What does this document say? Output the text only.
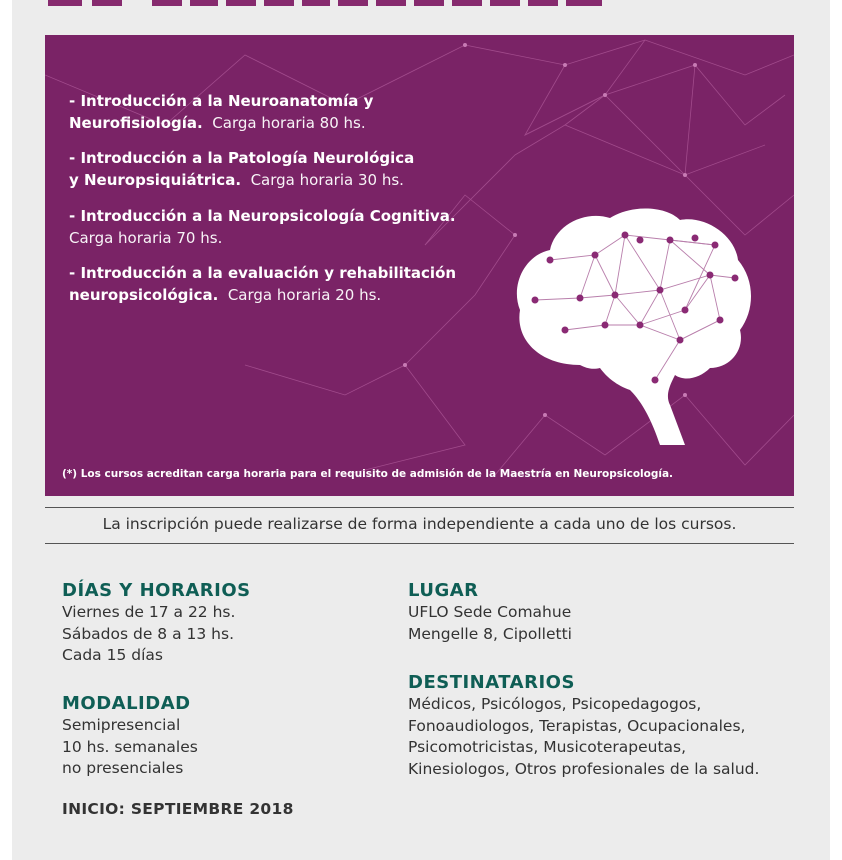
- Introducción a la Neuroanatomía y
Neurofisiología. Carga horaria 80 hs.
- Introducción a la Patología Neurológica
y Neuropsiquiátrica. Carga horaria 30 hs.
- Introducción a la Neuropsicología Cognitiva.
Carga horaria 70 hs.
- Introducción a la evaluación y rehabilitación
neuropsicológica. Carga horaria 20 hs.
(*) Los cursos acreditan carga horaria para el requisito de admisión de la Maestría en Neuropsicología.
La inscripción puede realizarse de forma independiente a cada uno de los cursos.
DÍAS Y HORARIOS
Viernes de 17 a 22 hs.
Sábados de 8 a 13 hs.
Cada 15 días
MODALIDAD
Semipresencial
10 hs. semanales
no presenciales
INICIO: SEPTIEMBRE 2018
LUGAR
UFLO Sede Comahue
Mengelle 8, Cipolletti
DESTINATARIOS
Médicos, Psicólogos, Psicopedagogos,
Fonoaudiologos, Terapistas, Ocupacionales,
Psicomotricistas, Musicoterapeutas,
Kinesiologos, Otros profesionales de la salud.
